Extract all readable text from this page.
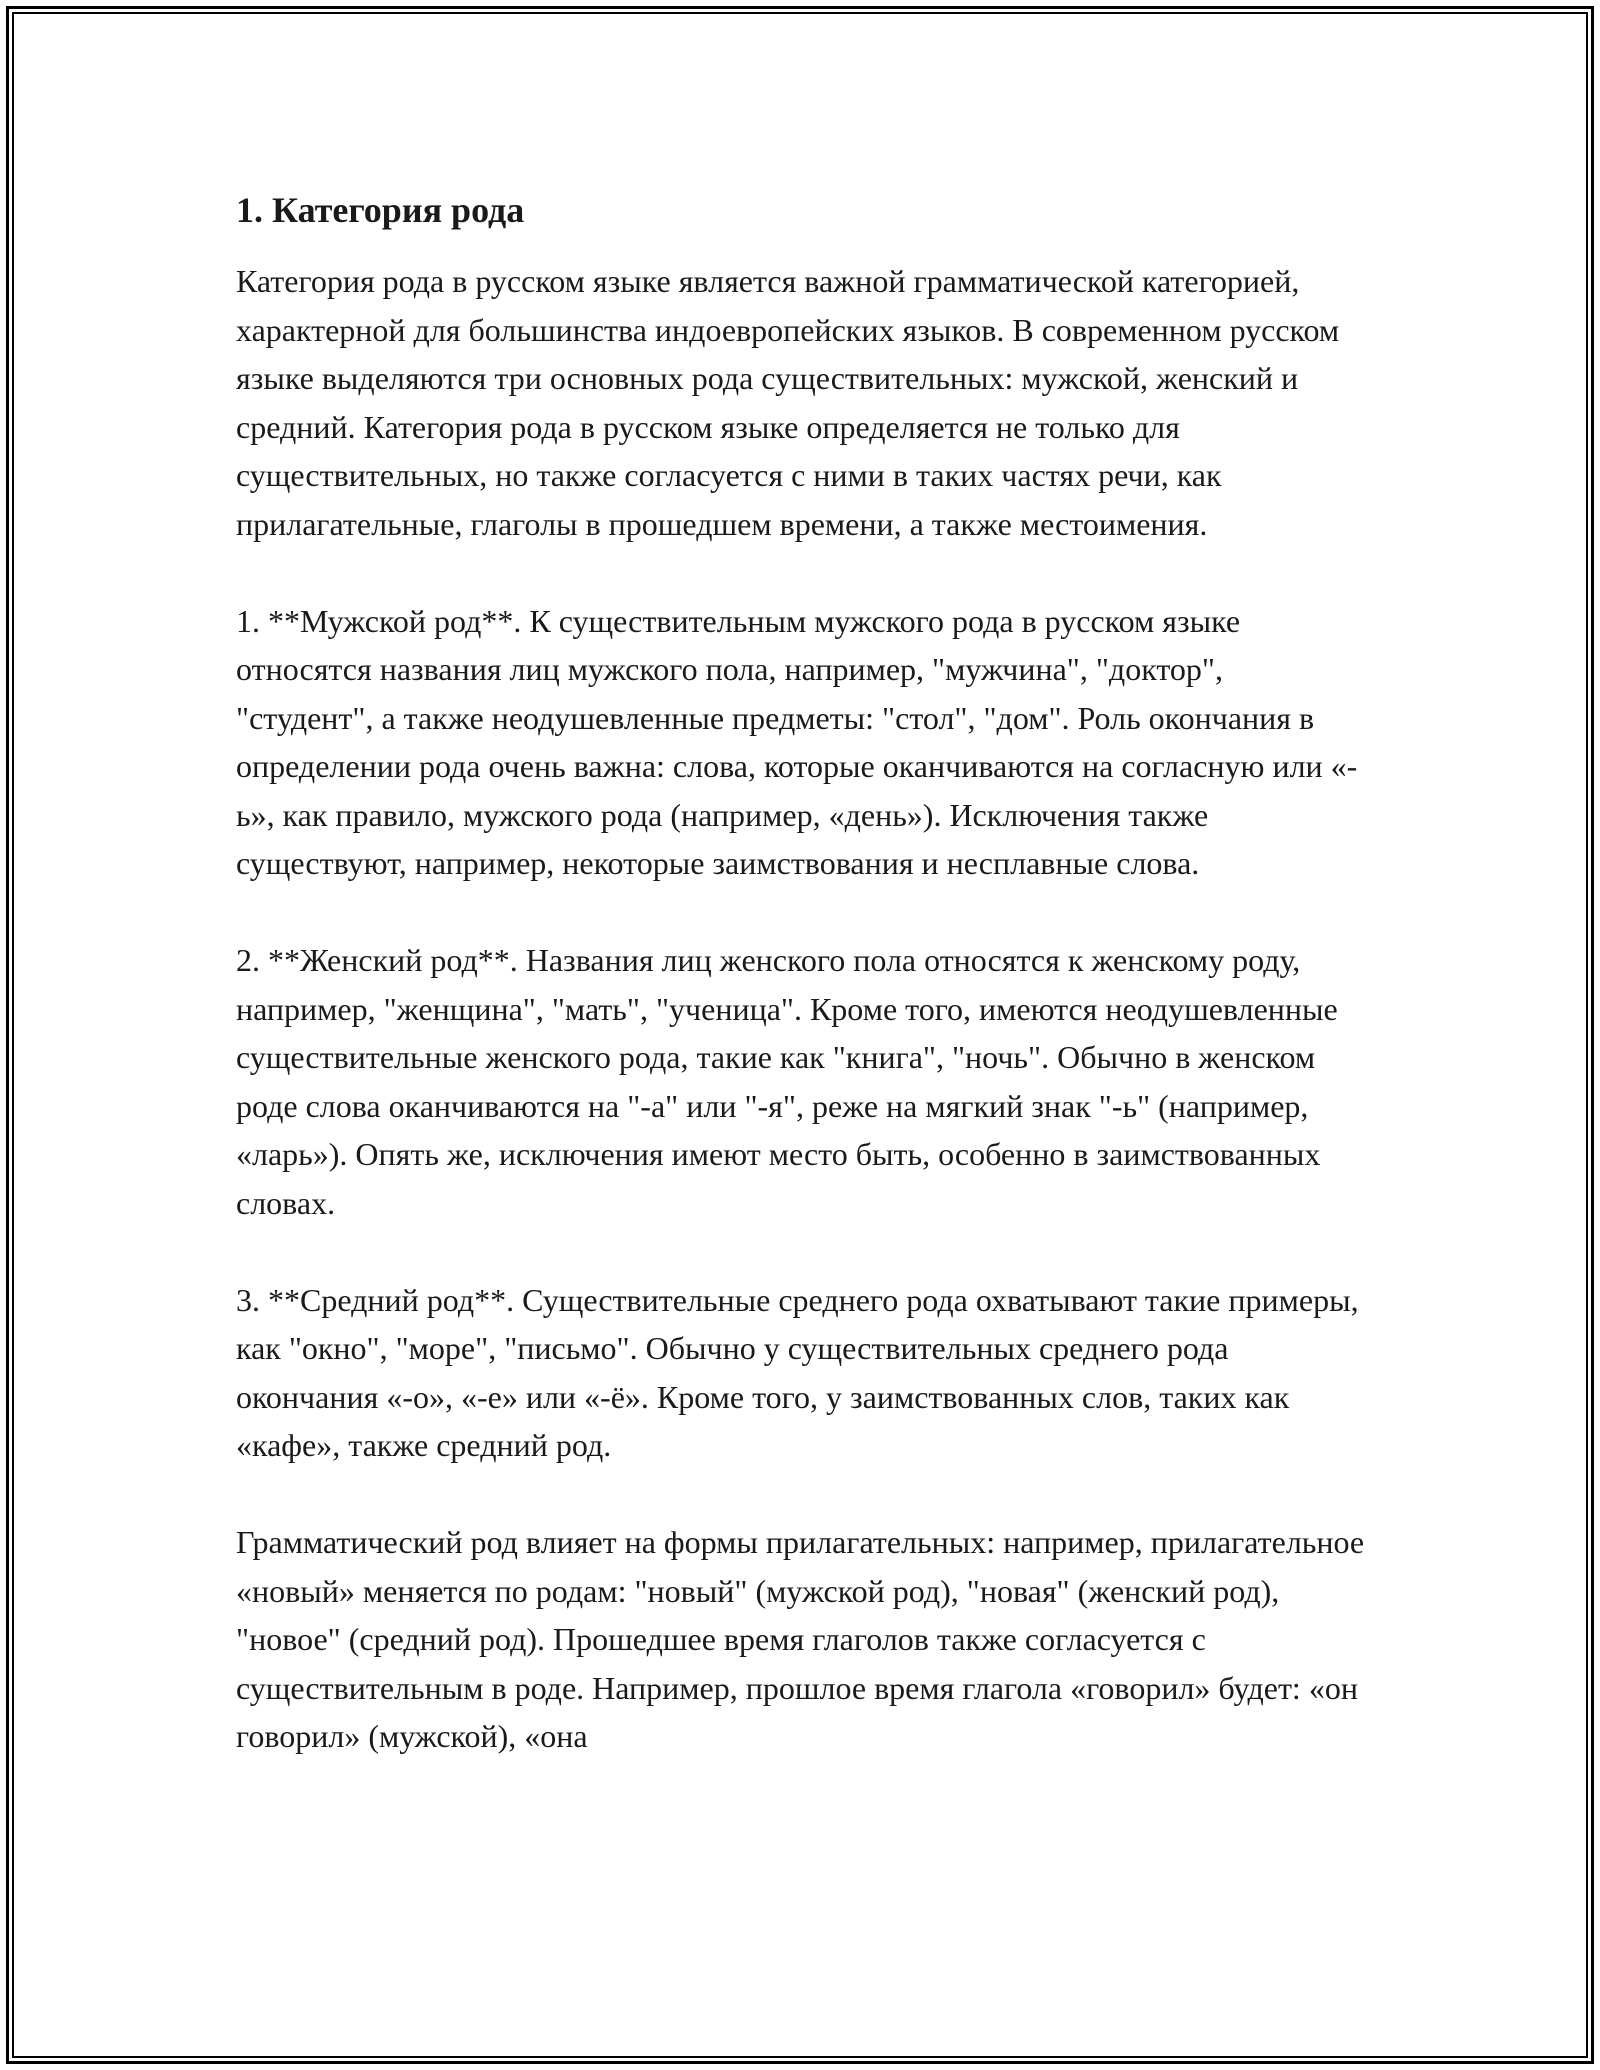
1. Категория рода

Категория рода в русском языке является важной грамматической категорией, характерной для большинства индоевропейских языков. В современном русском языке выделяются три основных рода существительных: мужской, женский и средний. Категория рода в русском языке определяется не только для существительных, но также согласуется с ними в таких частях речи, как прилагательные, глаголы в прошедшем времени, а также местоимения.

1. **Мужской род**. К существительным мужского рода в русском языке относятся названия лиц мужского пола, например, "мужчина", "доктор", "студент", а также неодушевленные предметы: "стол", "дом". Роль окончания в определении рода очень важна: слова, которые оканчиваются на согласную или «-ь», как правило, мужского рода (например, «день»). Исключения также существуют, например, некоторые заимствования и несплавные слова.

2. **Женский род**. Названия лиц женского пола относятся к женскому роду, например, "женщина", "мать", "ученица". Кроме того, имеются неодушевленные существительные женского рода, такие как "книга", "ночь". Обычно в женском роде слова оканчиваются на "-а" или "-я", реже на мягкий знак "-ь" (например, «ларь»). Опять же, исключения имеют место быть, особенно в заимствованных словах.

3. **Средний род**. Существительные среднего рода охватывают такие примеры, как "окно", "море", "письмо". Обычно у существительных среднего рода окончания «-о», «-е» или «-ё». Кроме того, у заимствованных слов, таких как «кафе», также средний род.

Грамматический род влияет на формы прилагательных: например, прилагательное «новый» меняется по родам: "новый" (мужской род), "новая" (женский род), "новое" (средний род). Прошедшее время глаголов также согласуется с существительным в роде. Например, прошлое время глагола «говорил» будет: «он говорил» (мужской), «она
